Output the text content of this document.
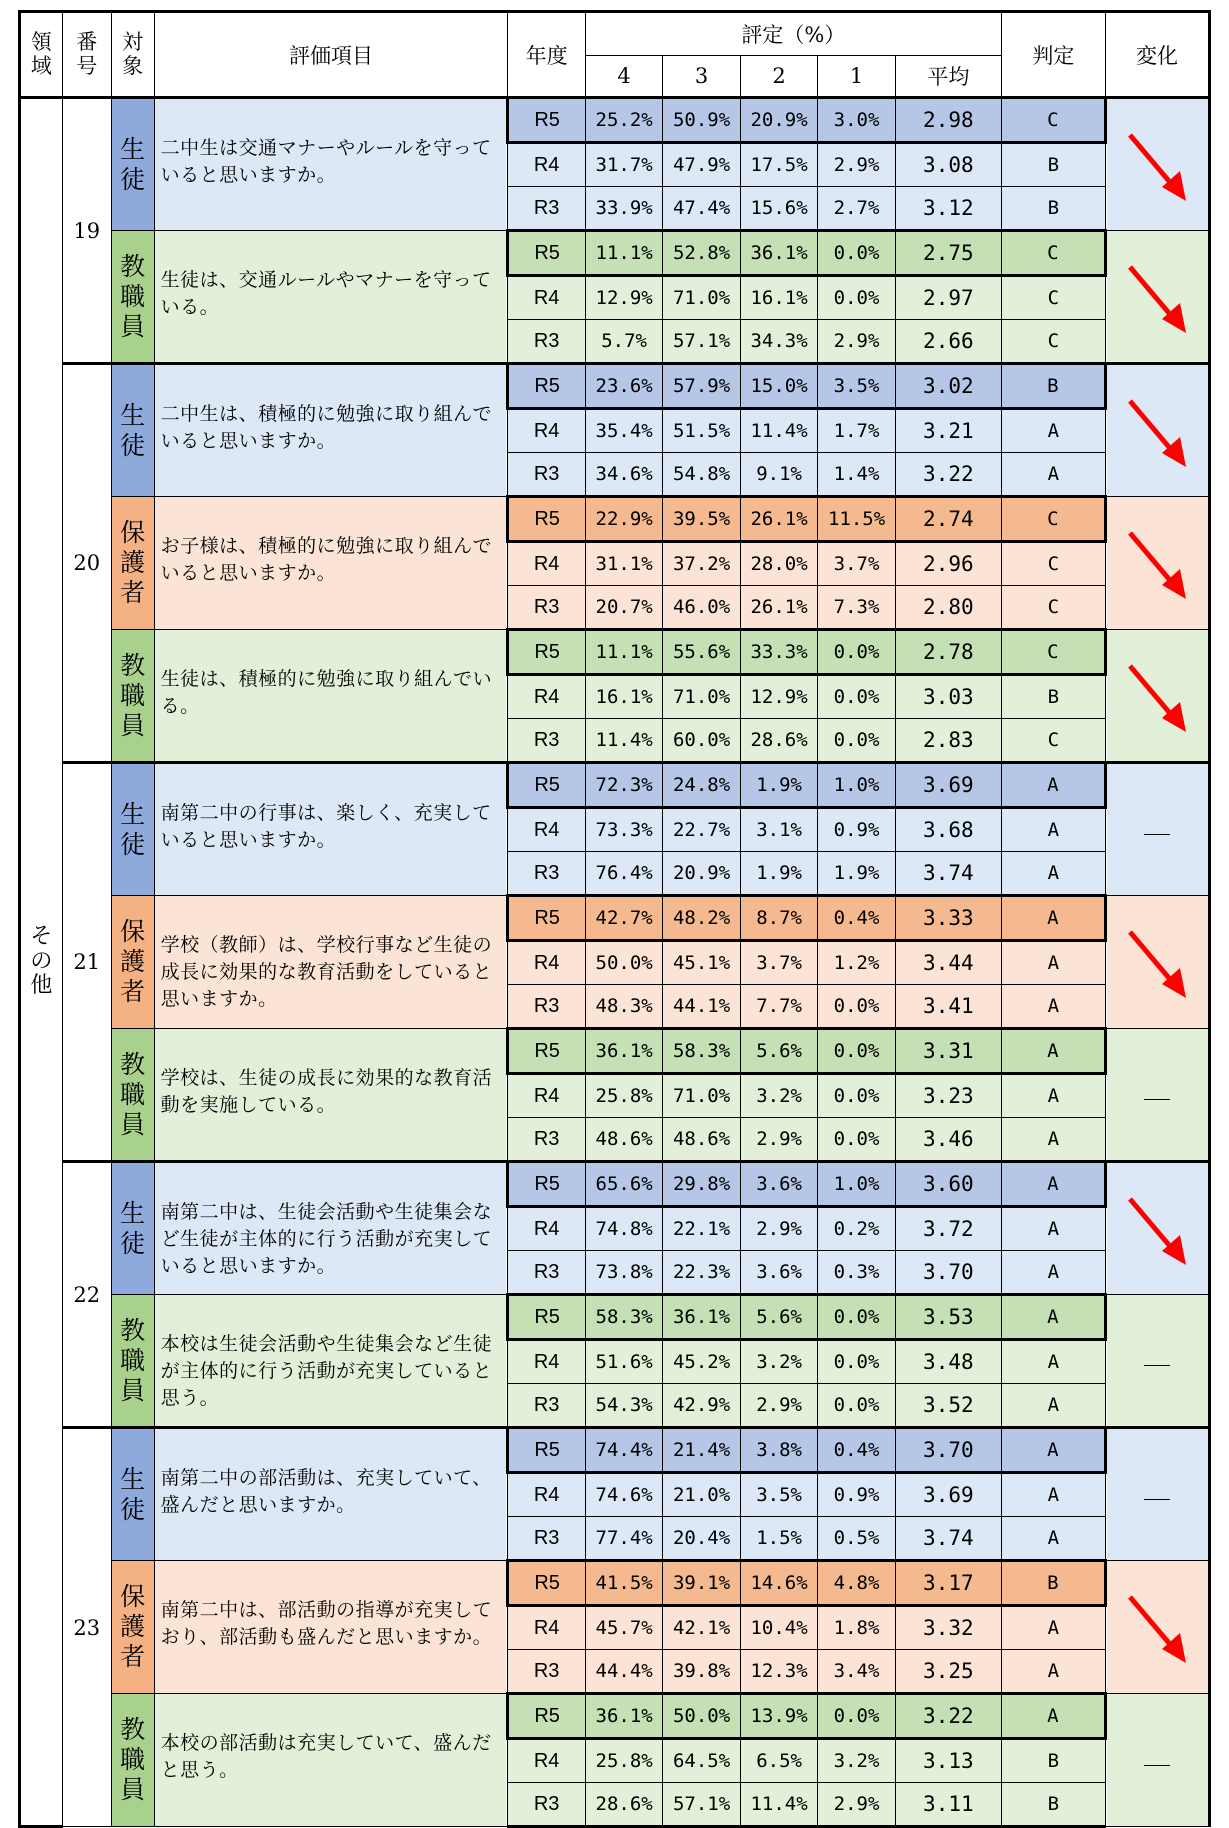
領域	番号	対象	評価項目	年度	評定（%）					判定	変化
					4	3	2	1	平均		
その他	19	生徒	二中生は交通マナーやルールを守っていると思いますか。	R5	25.2%	50.9%	20.9%	3.0%	2.98	C	

				R4	31.7%	47.9%	17.5%	2.9%	3.08	B	
				R3	33.9%	47.4%	15.6%	2.7%	3.12	B	
		教職員	生徒は、交通ルールやマナーを守っている。	R5	11.1%	52.8%	36.1%	0.0%	2.75	C	

				R4	12.9%	71.0%	16.1%	0.0%	2.97	C	
				R3	5.7%	57.1%	34.3%	2.9%	2.66	C	
	20	生徒	二中生は、積極的に勉強に取り組んでいると思いますか。	R5	23.6%	57.9%	15.0%	3.5%	3.02	B	

				R4	35.4%	51.5%	11.4%	1.7%	3.21	A	
				R3	34.6%	54.8%	9.1%	1.4%	3.22	A	
		保護者	お子様は、積極的に勉強に取り組んでいると思いますか。	R5	22.9%	39.5%	26.1%	11.5%	2.74	C	

				R4	31.1%	37.2%	28.0%	3.7%	2.96	C	
				R3	20.7%	46.0%	26.1%	7.3%	2.80	C	
		教職員	生徒は、積極的に勉強に取り組んでいる。	R5	11.1%	55.6%	33.3%	0.0%	2.78	C	

				R4	16.1%	71.0%	12.9%	0.0%	3.03	B	
				R3	11.4%	60.0%	28.6%	0.0%	2.83	C	
	21	生徒	南第二中の行事は、楽しく、充実していると思いますか。	R5	72.3%	24.8%	1.9%	1.0%	3.69	A	
				R4	73.3%	22.7%	3.1%	0.9%	3.68	A	
				R3	76.4%	20.9%	1.9%	1.9%	3.74	A	
		保護者	学校（教師）は、学校行事など生徒の成長に効果的な教育活動をしていると思いますか。	R5	42.7%	48.2%	8.7%	0.4%	3.33	A	

				R4	50.0%	45.1%	3.7%	1.2%	3.44	A	
				R3	48.3%	44.1%	7.7%	0.0%	3.41	A	
		教職員	学校は、生徒の成長に効果的な教育活動を実施している。	R5	36.1%	58.3%	5.6%	0.0%	3.31	A	
				R4	25.8%	71.0%	3.2%	0.0%	3.23	A	
				R3	48.6%	48.6%	2.9%	0.0%	3.46	A	
	22	生徒	南第二中は、生徒会活動や生徒集会など生徒が主体的に行う活動が充実していると思いますか。	R5	65.6%	29.8%	3.6%	1.0%	3.60	A	

				R4	74.8%	22.1%	2.9%	0.2%	3.72	A	
				R3	73.8%	22.3%	3.6%	0.3%	3.70	A	
		教職員	本校は生徒会活動や生徒集会など生徒が主体的に行う活動が充実していると思う。	R5	58.3%	36.1%	5.6%	0.0%	3.53	A	
				R4	51.6%	45.2%	3.2%	0.0%	3.48	A	
				R3	54.3%	42.9%	2.9%	0.0%	3.52	A	
	23	生徒	南第二中の部活動は、充実していて、盛んだと思いますか。	R5	74.4%	21.4%	3.8%	0.4%	3.70	A	
				R4	74.6%	21.0%	3.5%	0.9%	3.69	A	
				R3	77.4%	20.4%	1.5%	0.5%	3.74	A	
		保護者	南第二中は、部活動の指導が充実しており、部活動も盛んだと思いますか。	R5	41.5%	39.1%	14.6%	4.8%	3.17	B	

				R4	45.7%	42.1%	10.4%	1.8%	3.32	A	
				R3	44.4%	39.8%	12.3%	3.4%	3.25	A	
		教職員	本校の部活動は充実していて、盛んだと思う。	R5	36.1%	50.0%	13.9%	0.0%	3.22	A	
				R4	25.8%	64.5%	6.5%	3.2%	3.13	B	
				R3	28.6%	57.1%	11.4%	2.9%	3.11	B	
